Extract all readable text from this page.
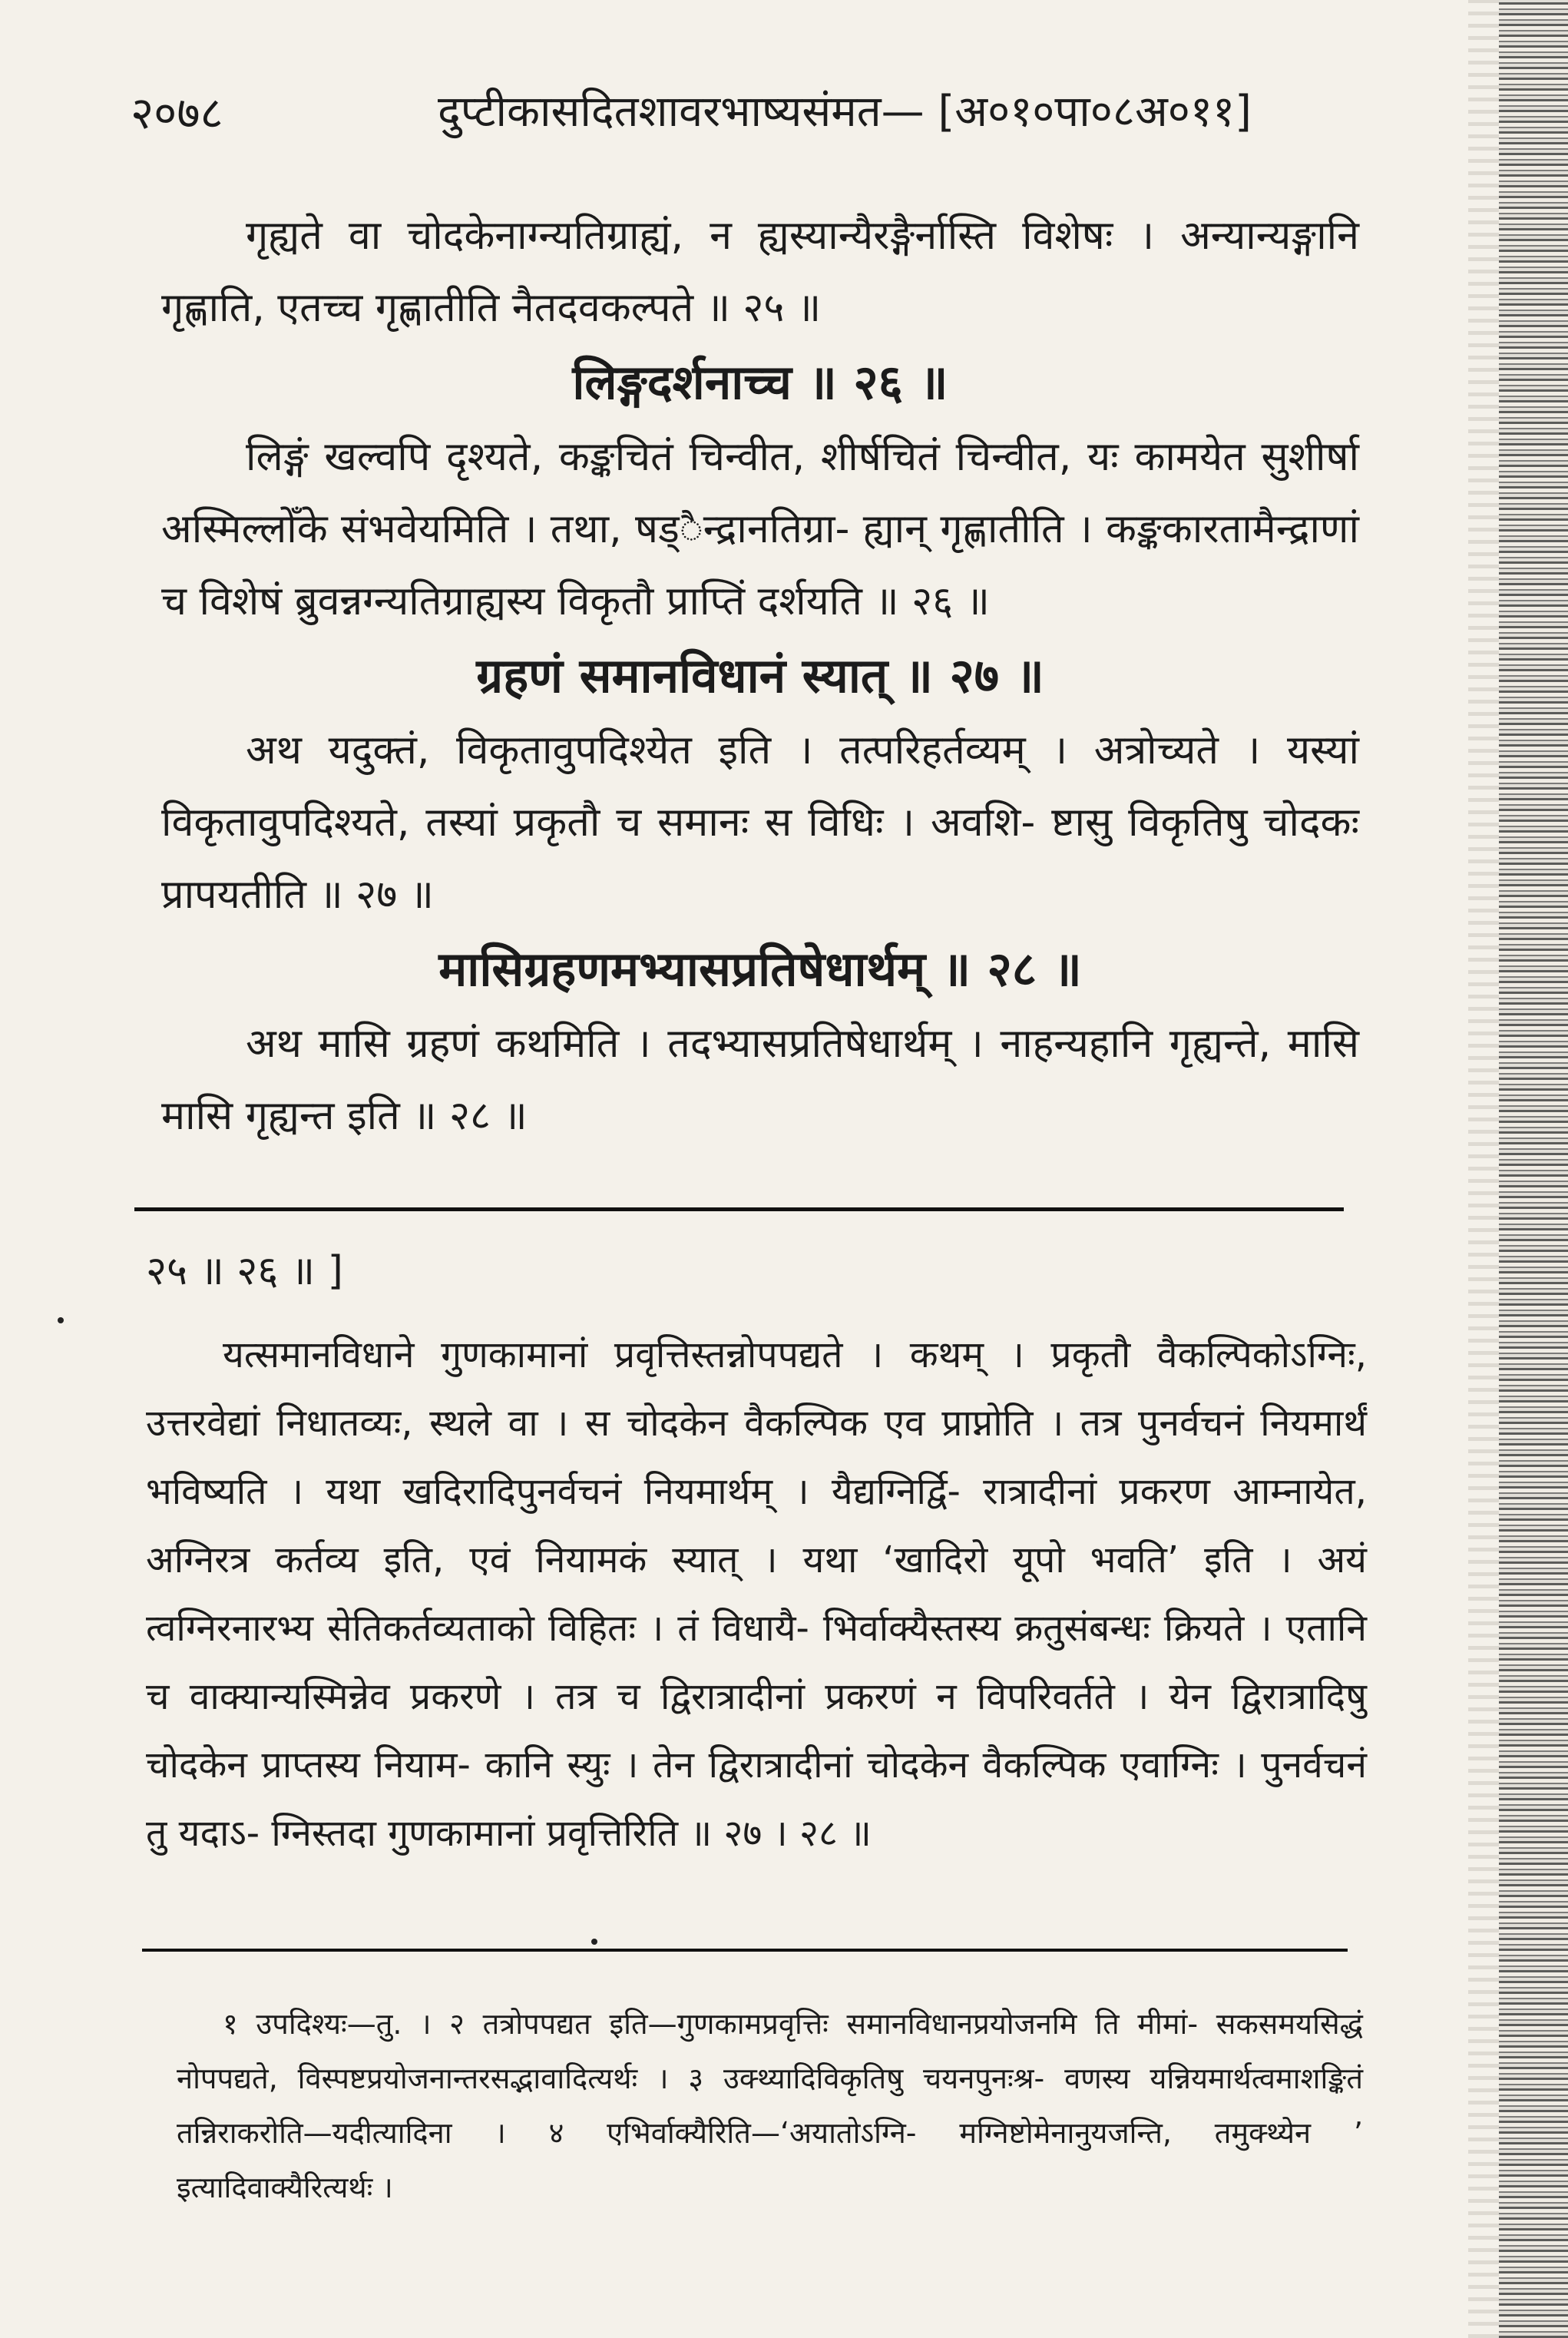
२०७८	दुप्टीकासदितशावरभाष्यसंमत— [अ०१०पा०८अ०११]

गृह्यते वा चोदकेनाग्न्यतिग्राह्यं, न ह्यस्यान्यैरङ्गैर्नास्ति विशेषः । अन्यान्यङ्गानि गृह्णाति, एतच्च गृह्णातीति नैतदवकल्पते ॥ २५ ॥

लिङ्गदर्शनाच्च ॥ २६ ॥

लिङ्गं खल्वपि दृश्यते, कङ्कचितं चिन्वीत, शीर्षचितं चिन्वीत, यः कामयेत सुशीर्षा अस्मिल्लोँके संभवेयमिति । तथा, षड्ैन्द्रानतिग्रा- ह्यान् गृह्णातीति । कङ्ककारतामैन्द्राणां च विशेषं ब्रुवन्नग्न्यतिग्राह्यस्य विकृतौ प्राप्तिं दर्शयति ॥ २६ ॥

ग्रहणं समानविधानं स्यात् ॥ २७ ॥

अथ यदुक्तं, विकृतावुपदिश्येत इति । तत्परिहर्तव्यम् । अत्रोच्यते । यस्यां विकृतावुपदिश्यते, तस्यां प्रकृतौ च समानः स विधिः । अवशि- ष्टासु विकृतिषु चोदकः प्रापयतीति ॥ २७ ॥

मासिग्रहणमभ्यासप्रतिषेधार्थम् ॥ २८ ॥

अथ मासि ग्रहणं कथमिति । तदभ्यासप्रतिषेधार्थम् । नाहन्यहानि गृह्यन्ते, मासि मासि गृह्यन्त इति ॥ २८ ॥

२५ ॥ २६ ॥ ]

यत्समानविधाने गुणकामानां प्रवृत्तिस्तन्नोपपद्यते । कथम् । प्रकृतौ वैकल्पिकोऽग्निः, उत्तरवेद्यां निधातव्यः, स्थले वा । स चोदकेन वैकल्पिक एव प्राप्नोति । तत्र पुनर्वचनं नियमार्थं भविष्यति । यथा खदिरादिपुनर्वचनं नियमार्थम् । यैद्यग्निर्द्वि- रात्रादीनां प्रकरण आम्नायेत, अग्निरत्र कर्तव्य इति, एवं नियामकं स्यात् । यथा ‘खादिरो यूपो भवति’ इति । अयं त्वग्निरनारभ्य सेतिकर्तव्यताको विहितः । तं विधायै- भिर्वाक्यैस्तस्य क्रतुसंबन्धः क्रियते । एतानि च वाक्यान्यस्मिन्नेव प्रकरणे । तत्र च द्विरात्रादीनां प्रकरणं न विपरिवर्तते । येन द्विरात्रादिषु चोदकेन प्राप्तस्य नियाम- कानि स्युः । तेन द्विरात्रादीनां चोदकेन वैकल्पिक एवाग्निः । पुनर्वचनं तु यदाऽ- ग्निस्तदा गुणकामानां प्रवृत्तिरिति ॥ २७ । २८ ॥

१ उपदिश्यः—तु. । २ तत्रोपपद्यत इति—गुणकामप्रवृत्तिः समानविधानप्रयोजनमि ति मीमां- सकसमयसिद्धं नोपपद्यते, विस्पष्टप्रयोजनान्तरसद्भावादित्यर्थः । ३ उक्थ्यादिविकृतिषु चयनपुनःश्र- वणस्य यन्नियमार्थत्वमाशङ्कितं तन्निराकरोति—यदीत्यादिना । ४ एभिर्वाक्यैरिति—‘अयातोऽग्नि- मग्निष्टोमेनानुयजन्ति, तमुक्थ्येन ’ इत्यादिवाक्यैरित्यर्थः ।
